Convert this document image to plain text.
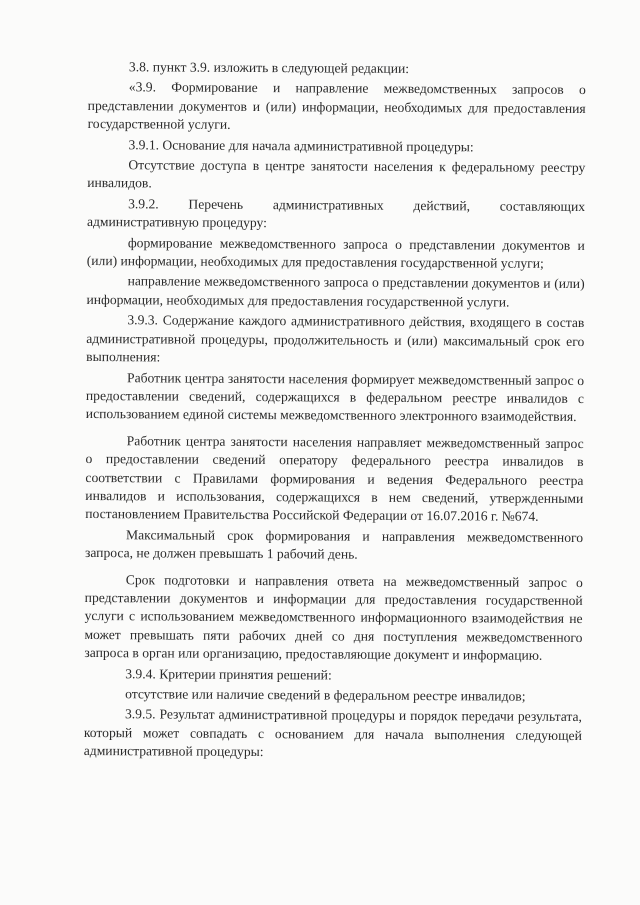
3.8. пункт 3.9. изложить в следующей редакции:

«3.9. Формирование и направление межведомственных запросов о представлении документов и (или) информации, необходимых для предоставления государственной услуги.

3.9.1. Основание для начала административной процедуры:

Отсутствие доступа в центре занятости населения к федеральному реестру инвалидов.

3.9.2. Перечень административных действий, составляющих административную процедуру:

формирование межведомственного запроса о представлении документов и (или) информации, необходимых для предоставления государственной услуги;

направление межведомственного запроса о представлении документов и (или) информации, необходимых для предоставления государственной услуги.

3.9.3. Содержание каждого административного действия, входящего в состав административной процедуры, продолжительность и (или) максимальный срок его выполнения:

Работник центра занятости населения формирует межведомственный запрос о предоставлении сведений, содержащихся в федеральном реестре инвалидов с использованием единой системы межведомственного электронного взаимодействия.

Работник центра занятости населения направляет межведомственный запрос о предоставлении сведений оператору федерального реестра инвалидов в соответствии с Правилами формирования и ведения Федерального реестра инвалидов и использования, содержащихся в нем сведений, утвержденными постановлением Правительства Российской Федерации от 16.07.2016 г. №674.

Максимальный срок формирования и направления межведомственного запроса, не должен превышать 1 рабочий день.

Срок подготовки и направления ответа на межведомственный запрос о представлении документов и информации для предоставления государственной услуги с использованием межведомственного информационного взаимодействия не может превышать пяти рабочих дней со дня поступления межведомственного запроса в орган или организацию, предоставляющие документ и информацию.

3.9.4. Критерии принятия решений:

отсутствие или наличие сведений в федеральном реестре инвалидов;

3.9.5. Результат административной процедуры и порядок передачи результата, который может совпадать с основанием для начала выполнения следующей административной процедуры:
